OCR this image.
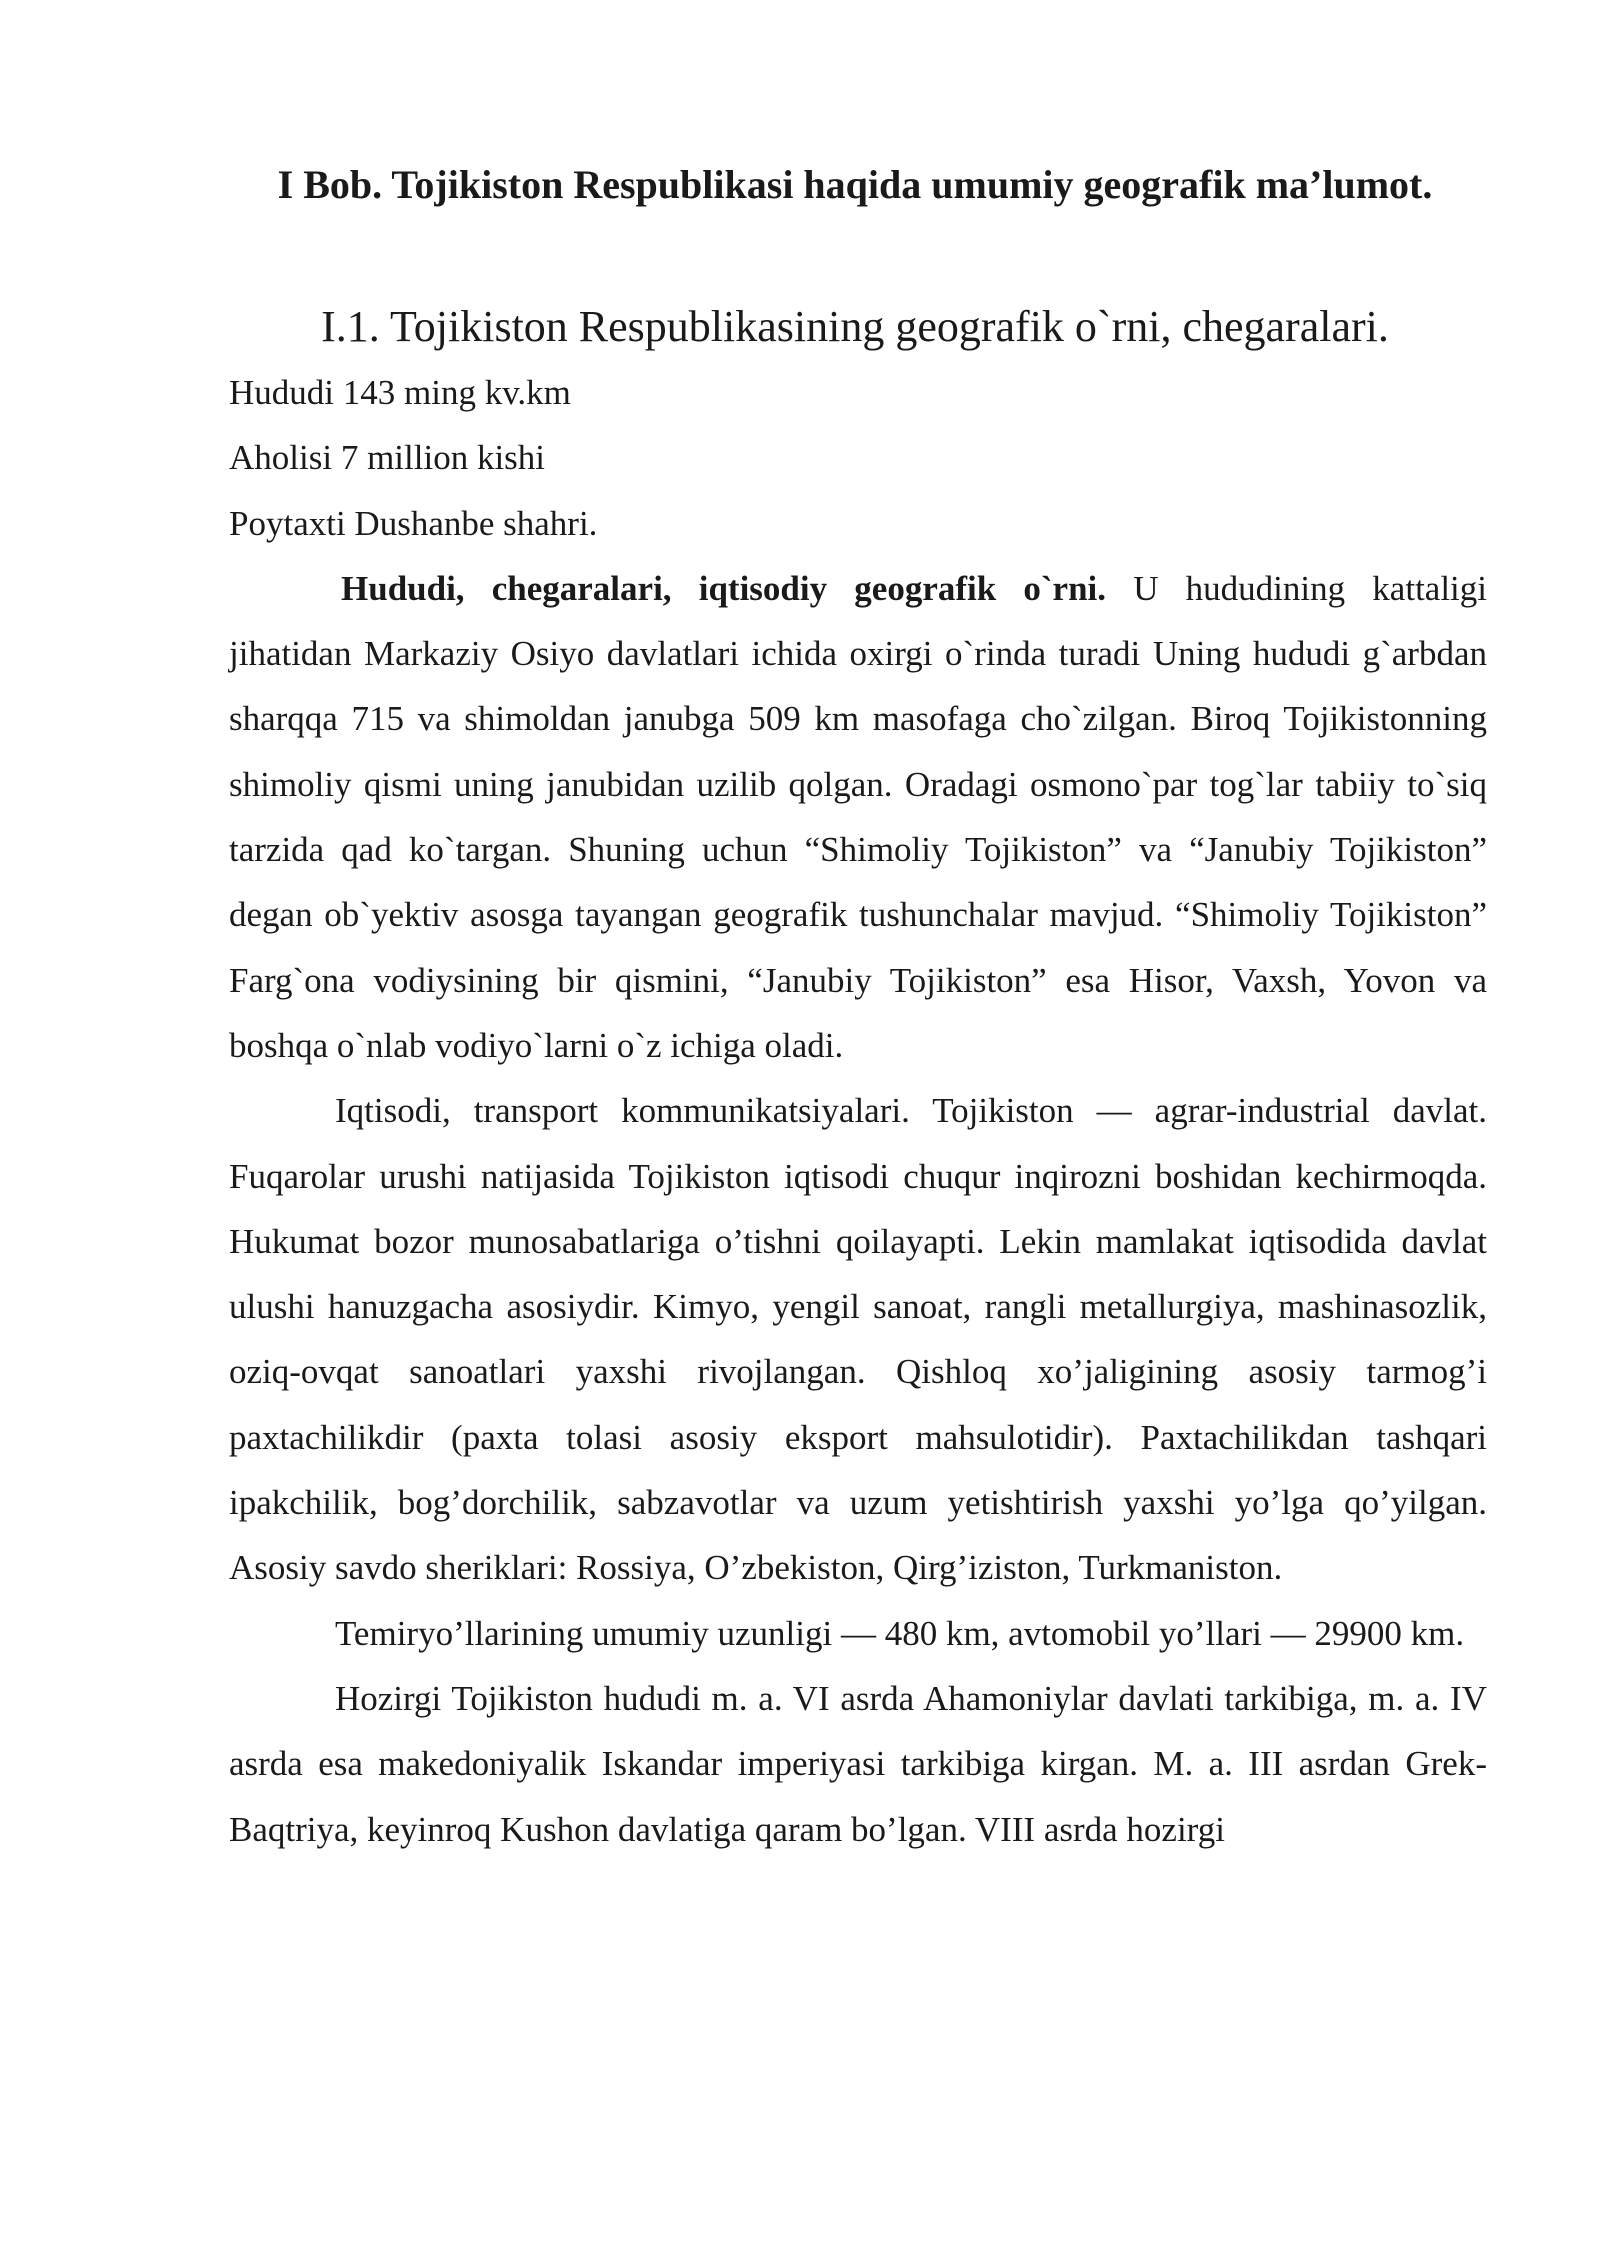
I Bob. Tojikiston Respublikasi haqida umumiy geografik ma’lumot.
I.1. Tojikiston Respublikasining geografik o`rni, chegaralari.

Hududi 143 ming kv.km

Aholisi 7 million kishi

Poytaxti Dushanbe shahri.

Hududi, chegaralari, iqtisodiy geografik o`rni. U hududining kattaligi jihatidan Markaziy Osiyo davlatlari ichida oxirgi o`rinda turadi Uning hududi g`arbdan sharqqa 715 va shimoldan janubga 509 km masofaga cho`zilgan. Biroq Tojikistonning shimoliy qismi uning janubidan uzilib qolgan. Oradagi osmono`par tog`lar tabiiy to`siq tarzida qad ko`targan. Shuning uchun “Shimoliy Tojikiston” va “Janubiy Tojikiston” degan ob`yektiv asosga tayangan geografik tushunchalar mavjud. “Shimoliy Tojikiston” Farg`ona vodiysining bir qismini, “Janubiy Tojikiston” esa Hisor, Vaxsh, Yovon va boshqa o`nlab vodiyo`larni o`z ichiga oladi.

Iqtisodi, transport kommunikatsiyalari. Tojikiston — agrar-industrial davlat. Fuqarolar urushi natijasida Tojikiston iqtisodi chuqur inqirozni boshidan kechirmoqda. Hukumat bozor munosabatlariga o’tishni qoilayapti. Lekin mamlakat iqtisodida davlat ulushi hanuzgacha asosiydir. Kimyo, yengil sanoat, rangli metallurgiya, mashinasozlik, oziq-ovqat sanoatlari yaxshi rivojlangan. Qishloq xo’jaligining asosiy tarmog’i paxtachilikdir (paxta tolasi asosiy eksport mahsulotidir). Paxtachilikdan tashqari ipakchilik, bog’dorchilik, sabzavotlar va uzum yetishtirish yaxshi yo’lga qo’yilgan. Asosiy savdo sheriklari: Rossiya, O’zbekiston, Qirg’iziston, Turkmaniston.

Temiryo’llarining umumiy uzunligi — 480 km, avtomobil yo’llari — 29900 km.

Hozirgi Tojikiston hududi m. a. VI asrda Ahamoniylar davlati tarkibiga, m. a. IV asrda esa makedoniyalik Iskandar imperiyasi tarkibiga kirgan. M. a. III asrdan Grek-Baqtriya, keyinroq Kushon davlatiga qaram bo’lgan. VIII asrda hozirgi
